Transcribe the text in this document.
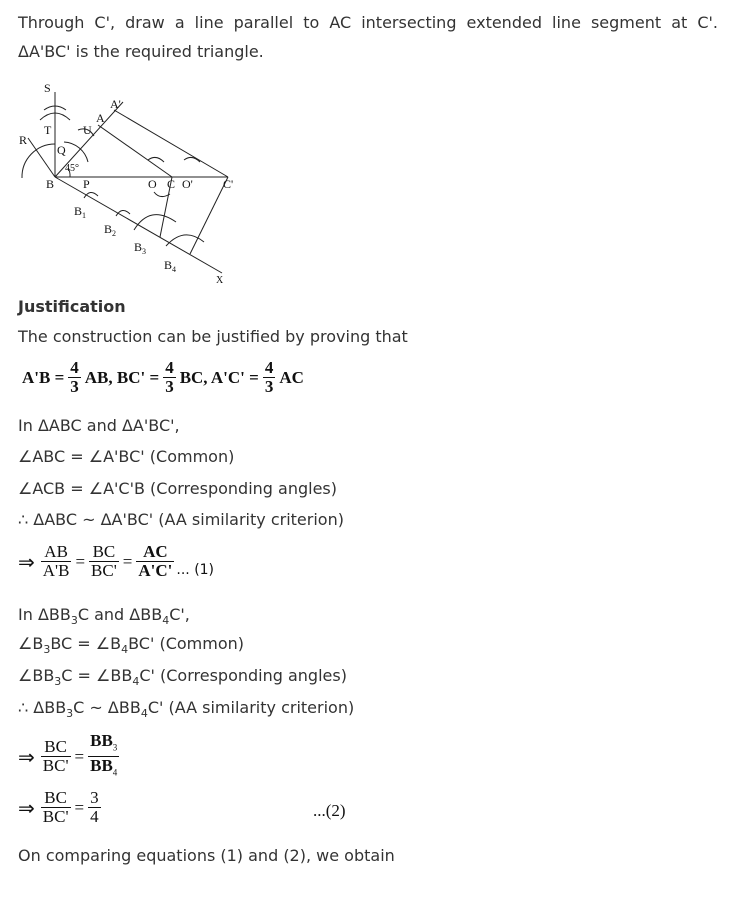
Through C', draw a line parallel to AC intersecting extended line segment at C'.
ΔA'BC' is the required triangle.
S
T	U
R
Q
A
A'
B P
45°
O C O'	C'
$B_1$
$B_2$
$B_3$
$B_4$
X
Justification
The construction can be justified by proving that
$A'B = \frac{4}{3}$ AB, $BC' = \frac{4}{3}$ BC, $A'C' = \frac{4}{3}$ AC
In ΔABC and ΔA'BC',
∠ABC = ∠A'BC' (Common)
∠ACB = ∠A'C'B (Corresponding angles)
∴ ΔABC ~ ΔA'BC' (AA similarity criterion)
⇒ $\frac{AB}{A'B} = \frac{BC}{BC'} = \frac{AC}{A'C'} _{... (1)}$
In $\Delta BB_3C$ and $\Delta BB_4C'$,
$\angle B_3BC$ = $\angle B_4BC'$ (Common)
$\angle BB_3C$ = $\angle BB_4C'$ (Corresponding angles)
∴ $\Delta BB_3C$ ~ $\Delta BB_4C'$ (AA similarity criterion)
⇒ $\frac{BC}{BC'} = \frac{BB_3}{BB_4}$
⇒ $\frac{BC}{BC'} = \frac{3}{4}$	...(2)
On comparing equations (1) and (2), we obtain
